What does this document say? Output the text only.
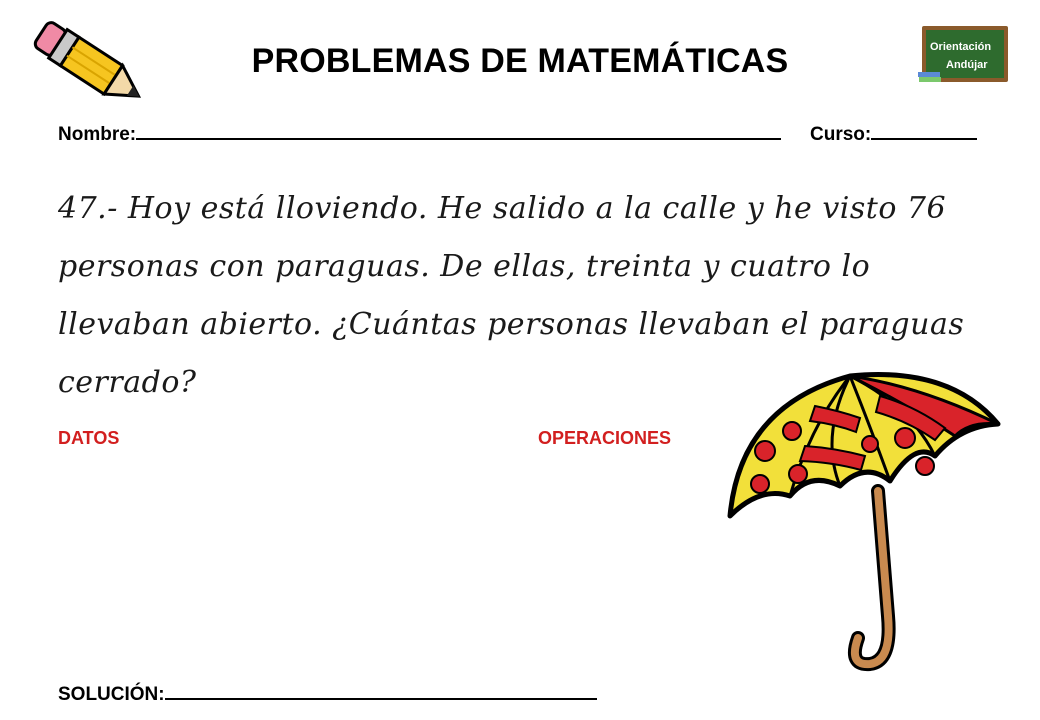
PROBLEMAS DE MATEMÁTICAS	Orientación
Andújar
Nombre:	Curso:
47.- Hoy está lloviendo. He salido a la calle y he visto 76 personas con paraguas. De ellas, treinta y cuatro lo llevaban abierto. ¿Cuántas personas llevaban el paraguas cerrado?
DATOS	OPERACIONES
SOLUCIÓN:
